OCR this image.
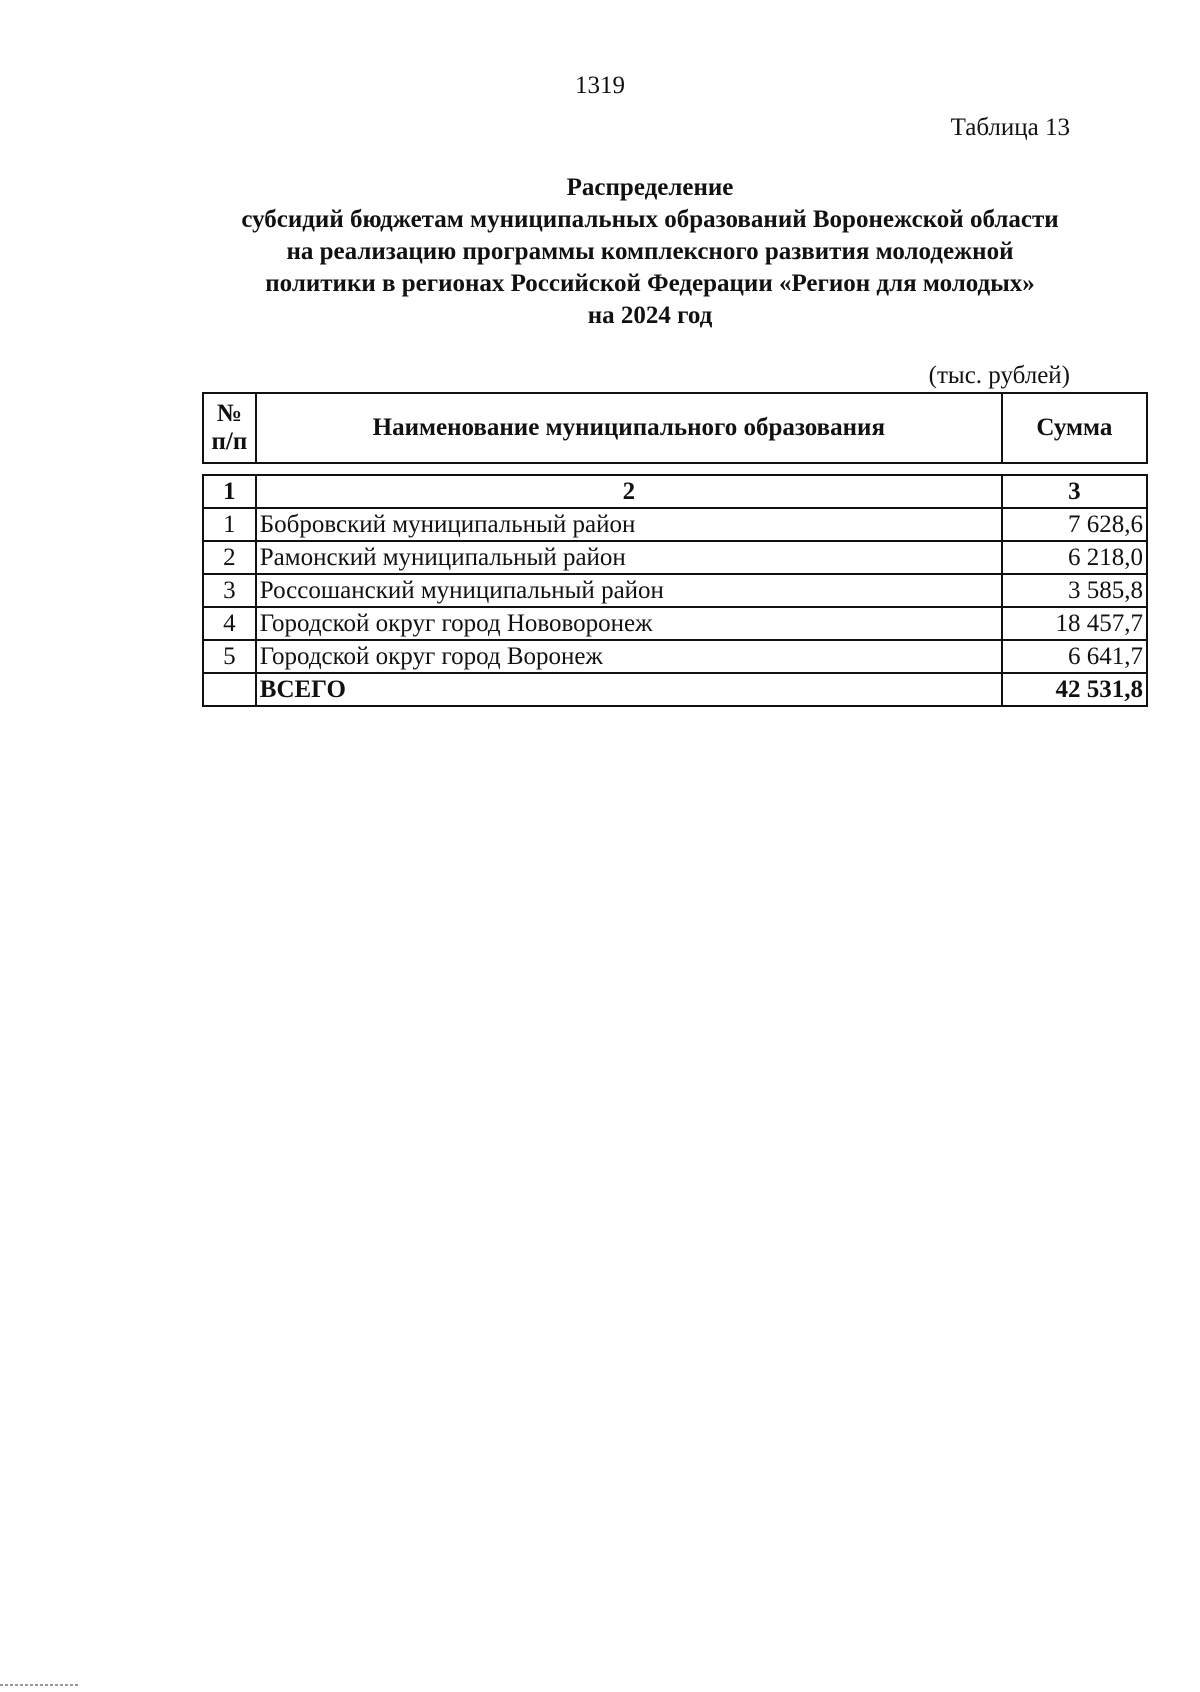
1319
Таблица 13
Распределение
субсидий бюджетам муниципальных образований Воронежской области
на реализацию программы комплексного развития молодежной
политики в регионах Российской Федерации «Регион для молодых»
на 2024 год
(тыс. рублей)
№
п/п
	Наименование муниципального образования	Сумма
1	2	3
1	Бобровский муниципальный район	7 628,6
2	Рамонский муниципальный район	6 218,0
3	Россошанский муниципальный район	3 585,8
4	Городской округ город Нововоронеж	18 457,7
5	Городской округ город Воронеж	6 641,7
	ВСЕГО	42 531,8
